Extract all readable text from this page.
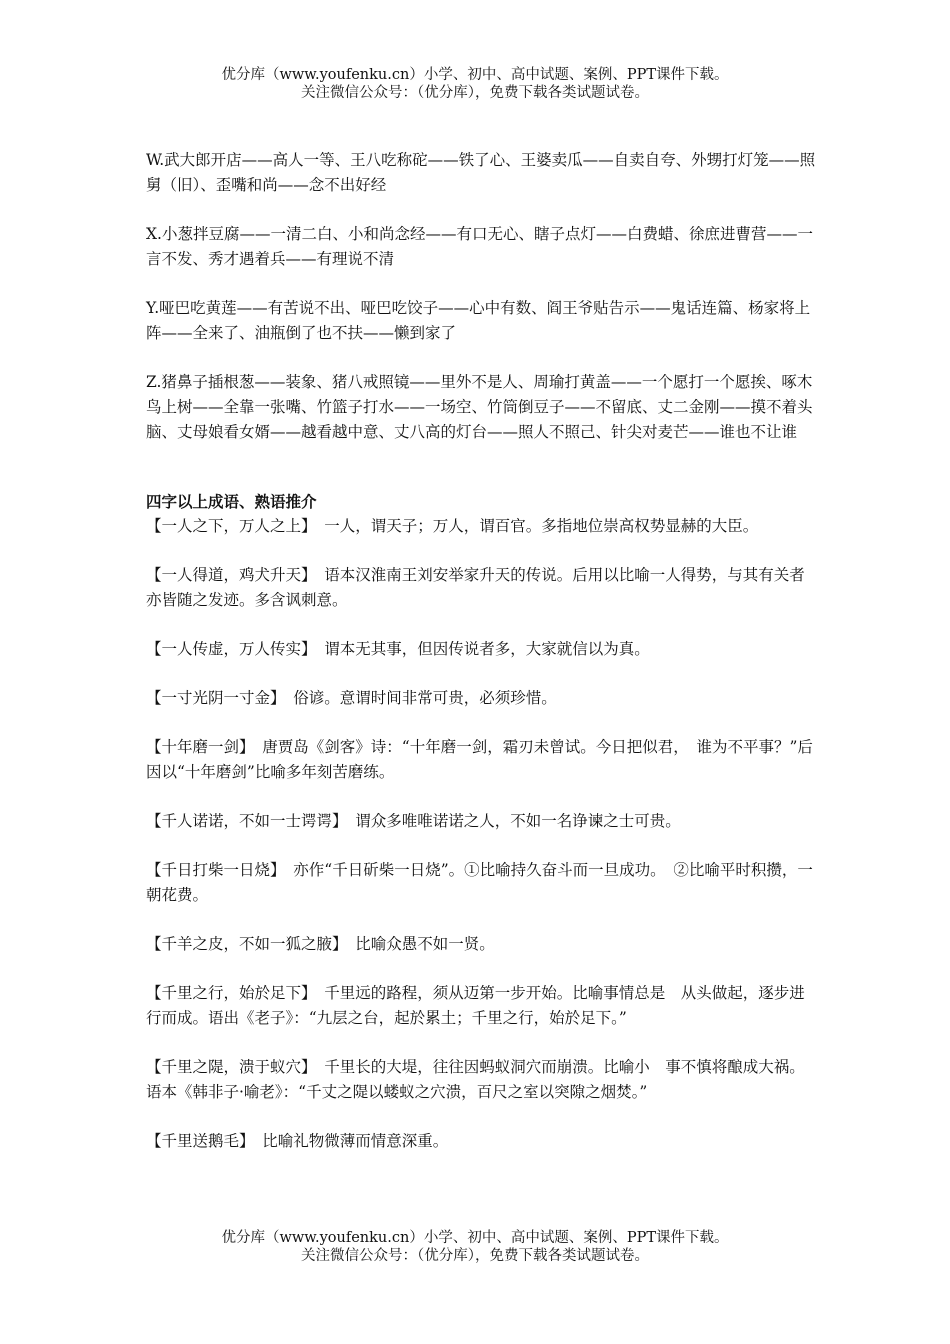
优分库（www.youfenku.cn）小学、初中、高中试题、案例、PPT课件下载。
关注微信公众号：（优分库），免费下载各类试题试卷。

W.武大郎开店——高人一等、王八吃称砣——铁了心、王婆卖瓜——自卖自夸、外甥打灯笼——照舅（旧）、歪嘴和尚——念不出好经

X.小葱拌豆腐——一清二白、小和尚念经——有口无心、瞎子点灯——白费蜡、徐庶进曹营——一言不发、秀才遇着兵——有理说不清

Y.哑巴吃黄莲——有苦说不出、哑巴吃饺子——心中有数、阎王爷贴告示——鬼话连篇、杨家将上阵——全来了、油瓶倒了也不扶——懒到家了

Z.猪鼻子插根葱——装象、猪八戒照镜——里外不是人、周瑜打黄盖——一个愿打一个愿挨、啄木鸟上树——全靠一张嘴、竹篮子打水——一场空、竹筒倒豆子——不留底、丈二金刚——摸不着头脑、丈母娘看女婿——越看越中意、丈八高的灯台——照人不照己、针尖对麦芒——谁也不让谁

四字以上成语、熟语推介

【一人之下，万人之上】　 一人，谓天子；万人，谓百官。多指地位崇高权势显赫的大臣。

【一人得道，鸡犬升天】　 语本汉淮南王刘安举家升天的传说。后用以比喻一人得势，与其有关者亦皆随之发迹。多含讽刺意。

【一人传虚，万人传实】　 谓本无其事，但因传说者多，大家就信以为真。

【一寸光阴一寸金】　 俗谚。意谓时间非常可贵，必须珍惜。

【十年磨一剑】　 唐贾岛《剑客》诗：“十年磨一剑，霜刃未曾试。今日把似君，　谁为不平事？”后因以“十年磨剑”比喻多年刻苦磨练。

【千人诺诺，不如一士谔谔】　 谓众多唯唯诺诺之人，不如一名诤谏之士可贵。

【千日打柴一日烧】　 亦作“千日斫柴一日烧”。①比喻持久奋斗而一旦成功。　②比喻平时积攒，一朝花费。

【千羊之皮，不如一狐之腋】　 比喻众愚不如一贤。

【千里之行，始於足下】　 千里远的路程，须从迈第一步开始。比喻事情总是　从头做起，逐步进行而成。语出《老子》：“九层之台，起於累土；千里之行，始於足下。”

【千里之隄，溃于蚁穴】　 千里长的大堤，往往因蚂蚁洞穴而崩溃。比喻小　事不慎将酿成大祸。语本《韩非子·喻老》：“千丈之隄以蝼蚁之穴溃，百尺之室以突隙之烟焚。”

【千里送鹅毛】　 比喻礼物微薄而情意深重。

优分库（www.youfenku.cn）小学、初中、高中试题、案例、PPT课件下载。
关注微信公众号：（优分库），免费下载各类试题试卷。
